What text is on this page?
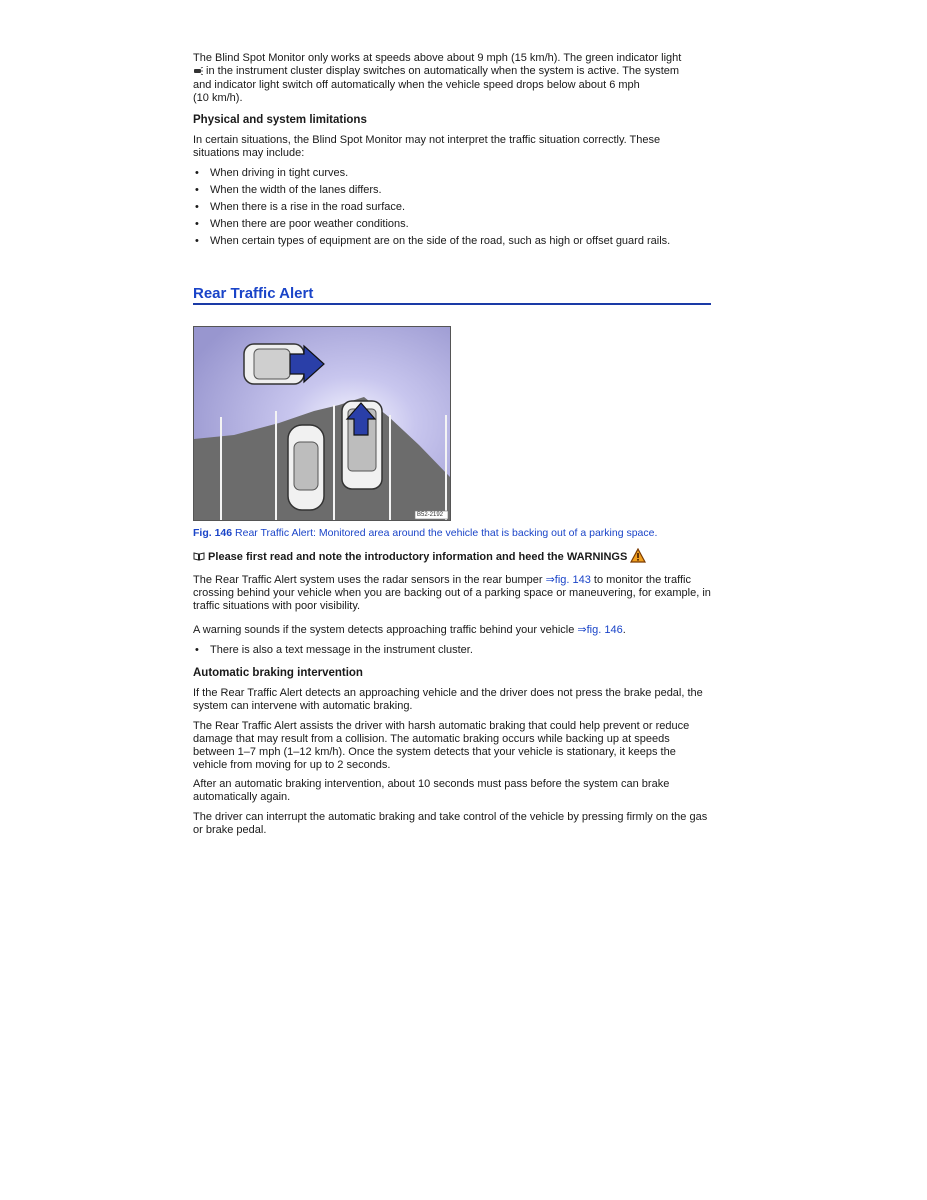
The Blind Spot Monitor only works at speeds above about 9 mph (15 km/h). The green indicator light
in the instrument cluster display switches on automatically when the system is active. The system
and indicator light switch off automatically when the vehicle speed drops below about 6 mph
(10 km/h).
Physical and system limitations

In certain situations, the Blind Spot Monitor may not interpret the traffic situation correctly. These situations may include:

• When driving in tight curves.
• When the width of the lanes differs.
• When there is a rise in the road surface.
• When there are poor weather conditions.
• When certain types of equipment are on the side of the road, such as high or offset guard rails.
Rear Traffic Alert
B52-2192
Fig. 146 Rear Traffic Alert: Monitored area around the vehicle that is backing out of a parking space.
Please first read and note the introductory information and heed the WARNINGS

The Rear Traffic Alert system uses the radar sensors in the rear bumper ⇒fig. 143 to monitor the traffic crossing behind your vehicle when you are backing out of a parking space or maneuvering, for example, in traffic situations with poor visibility.

A warning sounds if the system detects approaching traffic behind your vehicle ⇒fig. 146.

• There is also a text message in the instrument cluster.
Automatic braking intervention

If the Rear Traffic Alert detects an approaching vehicle and the driver does not press the brake pedal, the system can intervene with automatic braking.

The Rear Traffic Alert assists the driver with harsh automatic braking that could help prevent or reduce damage that may result from a collision. The automatic braking occurs while backing up at speeds between 1–7 mph (1–12 km/h). Once the system detects that your vehicle is stationary, it keeps the vehicle from moving for up to 2 seconds.

After an automatic braking intervention, about 10 seconds must pass before the system can brake automatically again.

The driver can interrupt the automatic braking and take control of the vehicle by pressing firmly on the gas or brake pedal.
